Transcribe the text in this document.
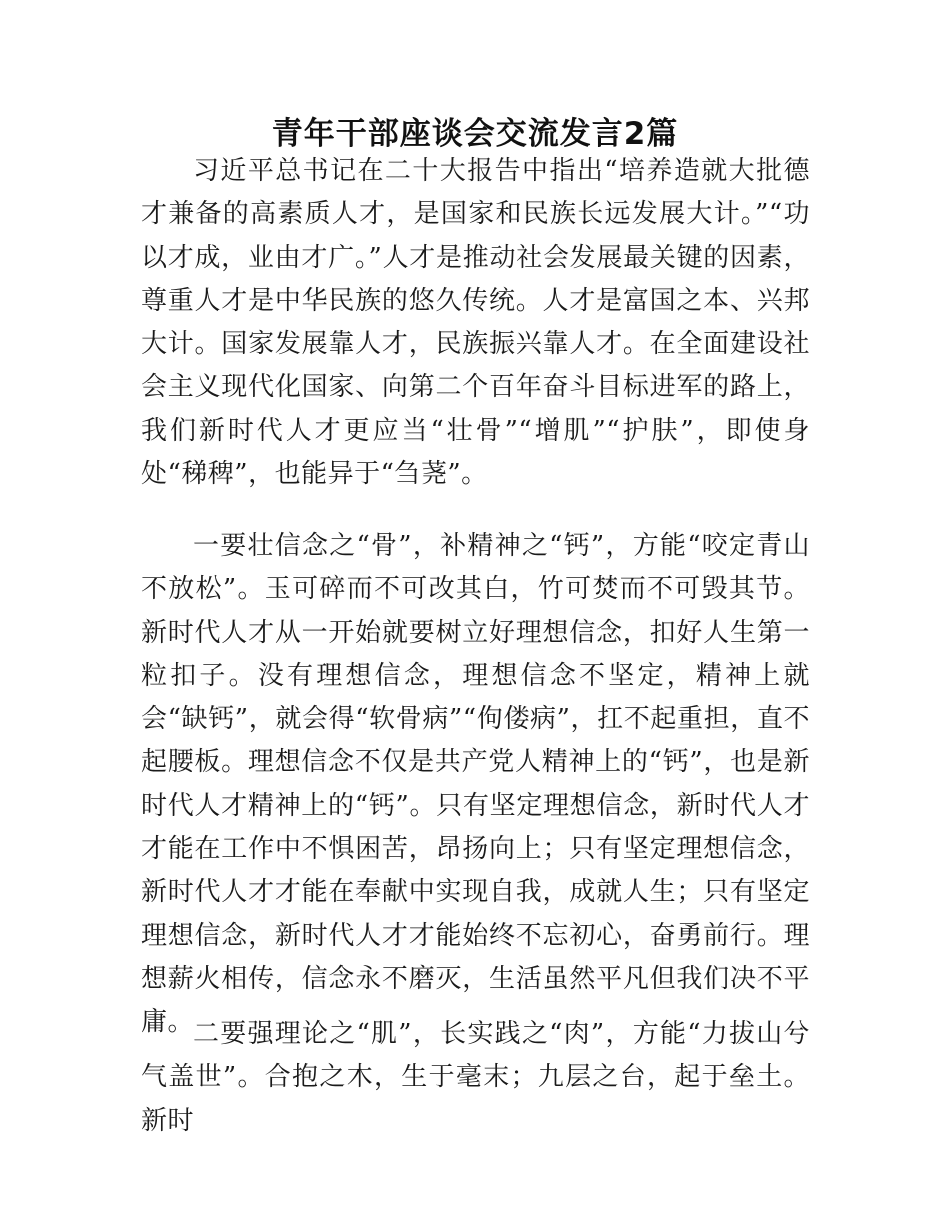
青年干部座谈会交流发言2篇

习近平总书记在二十大报告中指出“培养造就大批德才兼备的高素质人才，是国家和民族长远发展大计。”“功以才成，业由才广。”人才是推动社会发展最关键的因素，尊重人才是中华民族的悠久传统。人才是富国之本、兴邦大计。国家发展靠人才，民族振兴靠人才。在全面建设社会主义现代化国家、向第二个百年奋斗目标进军的路上，我们新时代人才更应当“壮骨”“增肌”“护肤”，即使身处“稊稗”，也能异于“刍荛”。

一要壮信念之“骨”，补精神之“钙”，方能“咬定青山不放松”。玉可碎而不可改其白，竹可焚而不可毁其节。新时代人才从一开始就要树立好理想信念，扣好人生第一粒扣子。没有理想信念，理想信念不坚定，精神上就会“缺钙”，就会得“软骨病”“佝偻病”，扛不起重担，直不起腰板。理想信念不仅是共产党人精神上的“钙”，也是新时代人才精神上的“钙”。只有坚定理想信念，新时代人才才能在工作中不惧困苦，昂扬向上；只有坚定理想信念，新时代人才才能在奉献中实现自我，成就人生；只有坚定理想信念，新时代人才才能始终不忘初心，奋勇前行。理想薪火相传，信念永不磨灭，生活虽然平凡但我们决不平庸。

二要强理论之“肌”，长实践之“肉”，方能“力拔山兮气盖世”。合抱之木，生于毫末；九层之台，起于垒土。新时
